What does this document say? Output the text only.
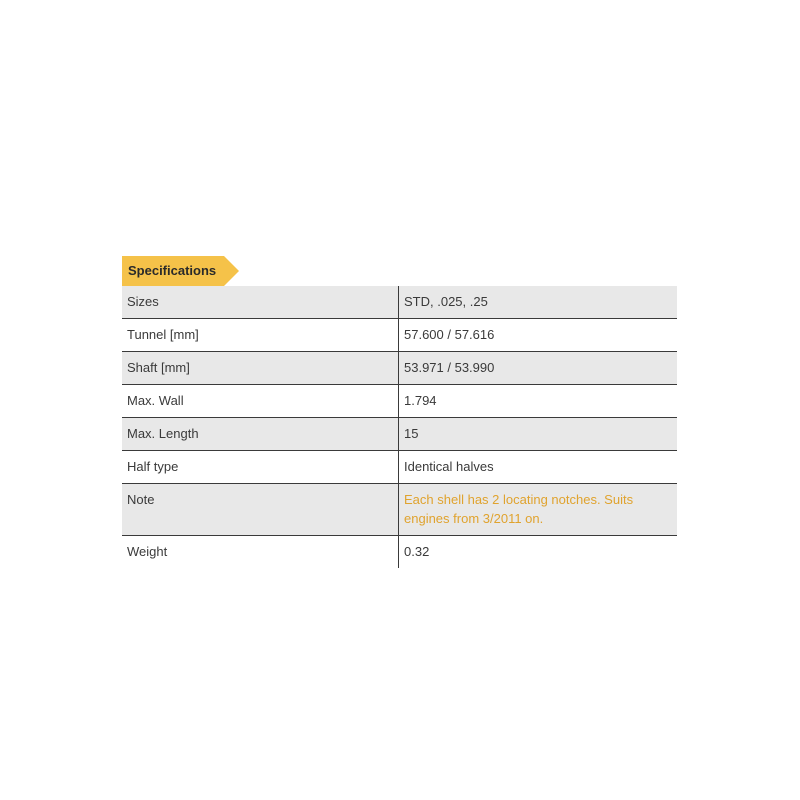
Specifications
Sizes	STD, .025, .25
Tunnel [mm]	57.600 / 57.616
Shaft [mm]	53.971 / 53.990
Max. Wall	1.794
Max. Length	15
Half type	Identical halves
Note	Each shell has 2 locating notches. Suits engines from 3/2011 on.
Weight	0.32
